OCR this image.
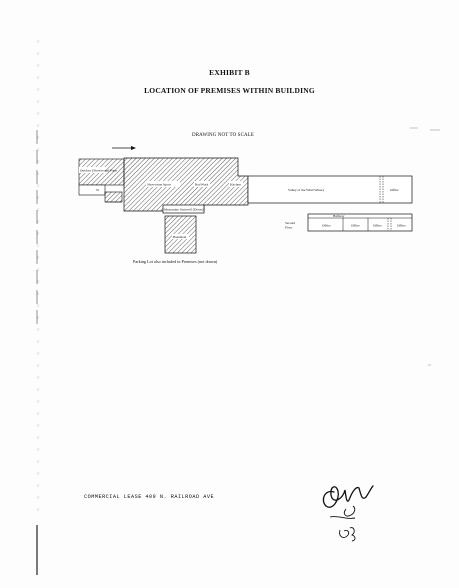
EXHIBIT B
LOCATION OF PREMISES WITHIN BUILDING
DRAWING NOT TO SCALE
Outdoor (Showroom) Patio
W
Showroom Space	Bar/Work	Kitchen
Mezzanine Stairwell (Down)
Basement
Valley of the Wind Winery	Office
Second
Floor
Hallway
Office	Office	Office	Office
Parking Lot also included in Premises (not drawn)
COMMERCIAL LEASE 409 N. RAILROAD AVE
